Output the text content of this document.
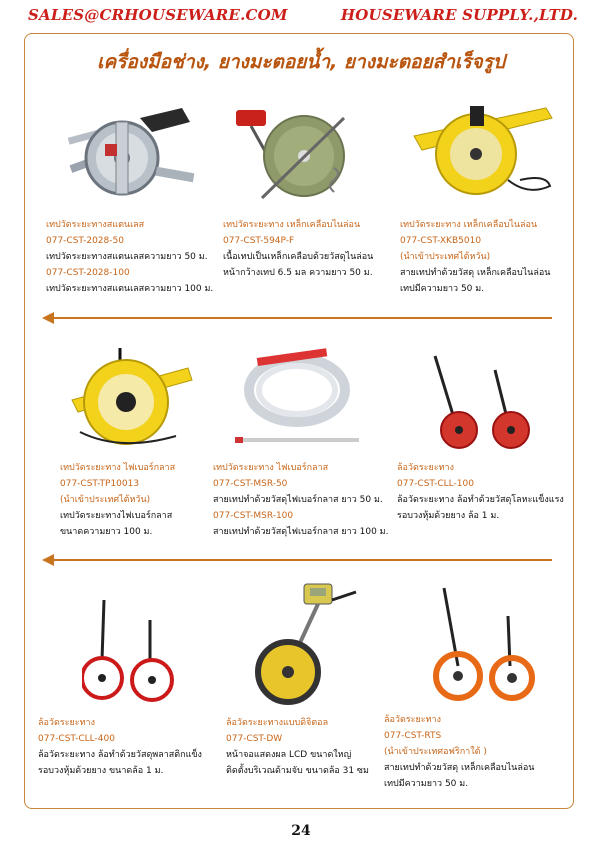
SALES@CRHOUSEWARE.COM	HOUSEWARE SUPPLY.,LTD.
เครื่องมือช่าง, ยางมะตอยน้ำ, ยางมะตอยสำเร็จรูป
เทปวัดระยะทางสแตนเลส
077-CST-2028-50
เทปวัดระยะทางสแตนเลสความยาว 50 ม.
077-CST-2028-100
เทปวัดระยะทางสแตนเลสความยาว 100 ม.
เทปวัดระยะทาง เหล็กเคลือบไนล่อน
077-CST-594P-F
เนื้อเทปเป็นเหล็กเคลือบด้วยวัสดุไนล่อน
หน้ากว้างเทป 6.5 มล ความยาว 50 ม.
เทปวัดระยะทาง เหล็กเคลือบไนล่อน
077-CST-XKB5010
(นำเข้าประเทศไต้หวัน)
สายเทปทำด้วยวัสดุ เหล็กเคลือบไนล่อน
เทปมีความยาว 50 ม.
เทปวัดระยะทาง ไฟเบอร์กลาส
077-CST-TP10013
(นำเข้าประเทศไต้หวัน)
เทปวัดระยะทางไฟเบอร์กลาส
ขนาดความยาว 100 ม.
เทปวัดระยะทาง ไฟเบอร์กลาส
077-CST-MSR-50
สายเทปทำด้วยวัสดุไฟเบอร์กลาส ยาว 50 ม.
077-CST-MSR-100
สายเทปทำด้วยวัสดุไฟเบอร์กลาส ยาว 100 ม.
ล้อวัดระยะทาง
077-CST-CLL-100
ล้อวัดระยะทาง ล้อทำด้วยวัสดุโลหะแข็งแรง
รอบวงหุ้มด้วยยาง ล้อ 1 ม.
ล้อวัดระยะทาง
077-CST-CLL-400
ล้อวัดระยะทาง ล้อทำด้วยวัสดุพลาสติกแข็ง
รอบวงหุ้มด้วยยาง ขนาดล้อ 1 ม.
ล้อวัดระยะทางแบบดิจิตอล
077-CST-DW
หน้าจอแสดงผล LCD ขนาดใหญ่
ติดตั้งบริเวณด้ามจับ ขนาดล้อ 31 ซม
ล้อวัดระยะทาง
077-CST-RTS
(นำเข้าประเทศอฟริกาใต้ )
สายเทปทำด้วยวัสดุ เหล็กเคลือบไนล่อน
เทปมีความยาว 50 ม.
24
